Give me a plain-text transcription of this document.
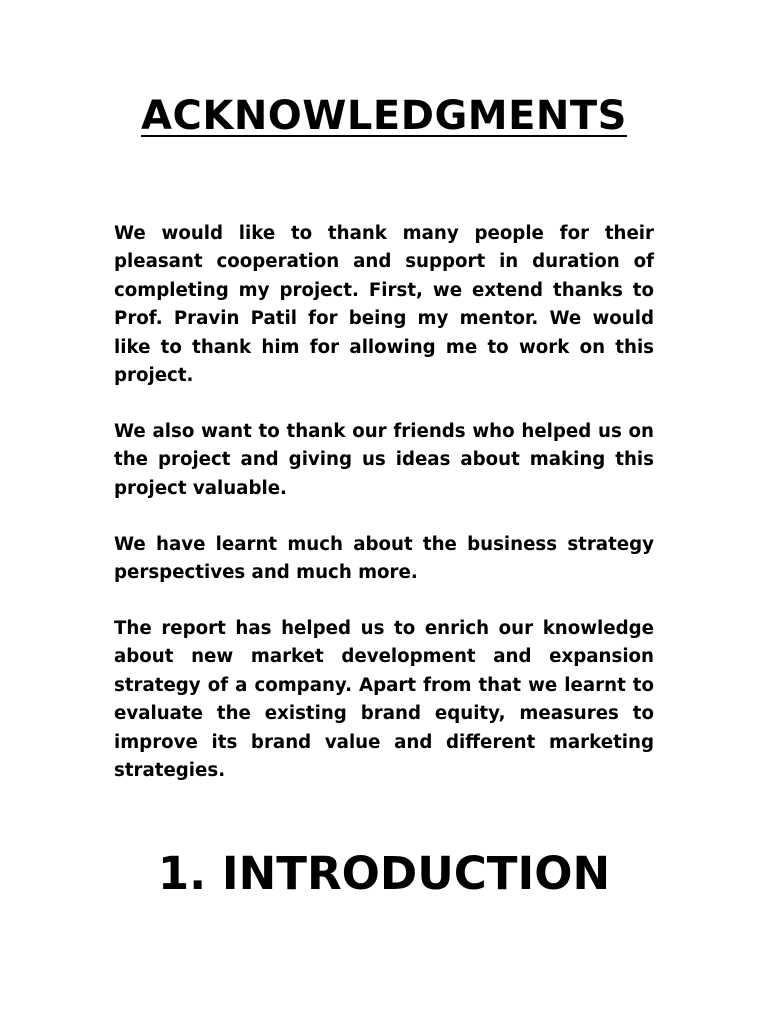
ACKNOWLEDGMENTS

We would like to thank many people for their pleasant cooperation and support in duration of completing my project. First, we extend thanks to Prof. Pravin Patil for being my mentor. We would like to thank him for allowing me to work on this project.

We also want to thank our friends who helped us on the project and giving us ideas about making this project valuable.

We have learnt much about the business strategy perspectives and much more.

The report has helped us to enrich our knowledge about new market development and expansion strategy of a company. Apart from that we learnt to evaluate the existing brand equity, measures to improve its brand value and different marketing strategies.

1. INTRODUCTION
